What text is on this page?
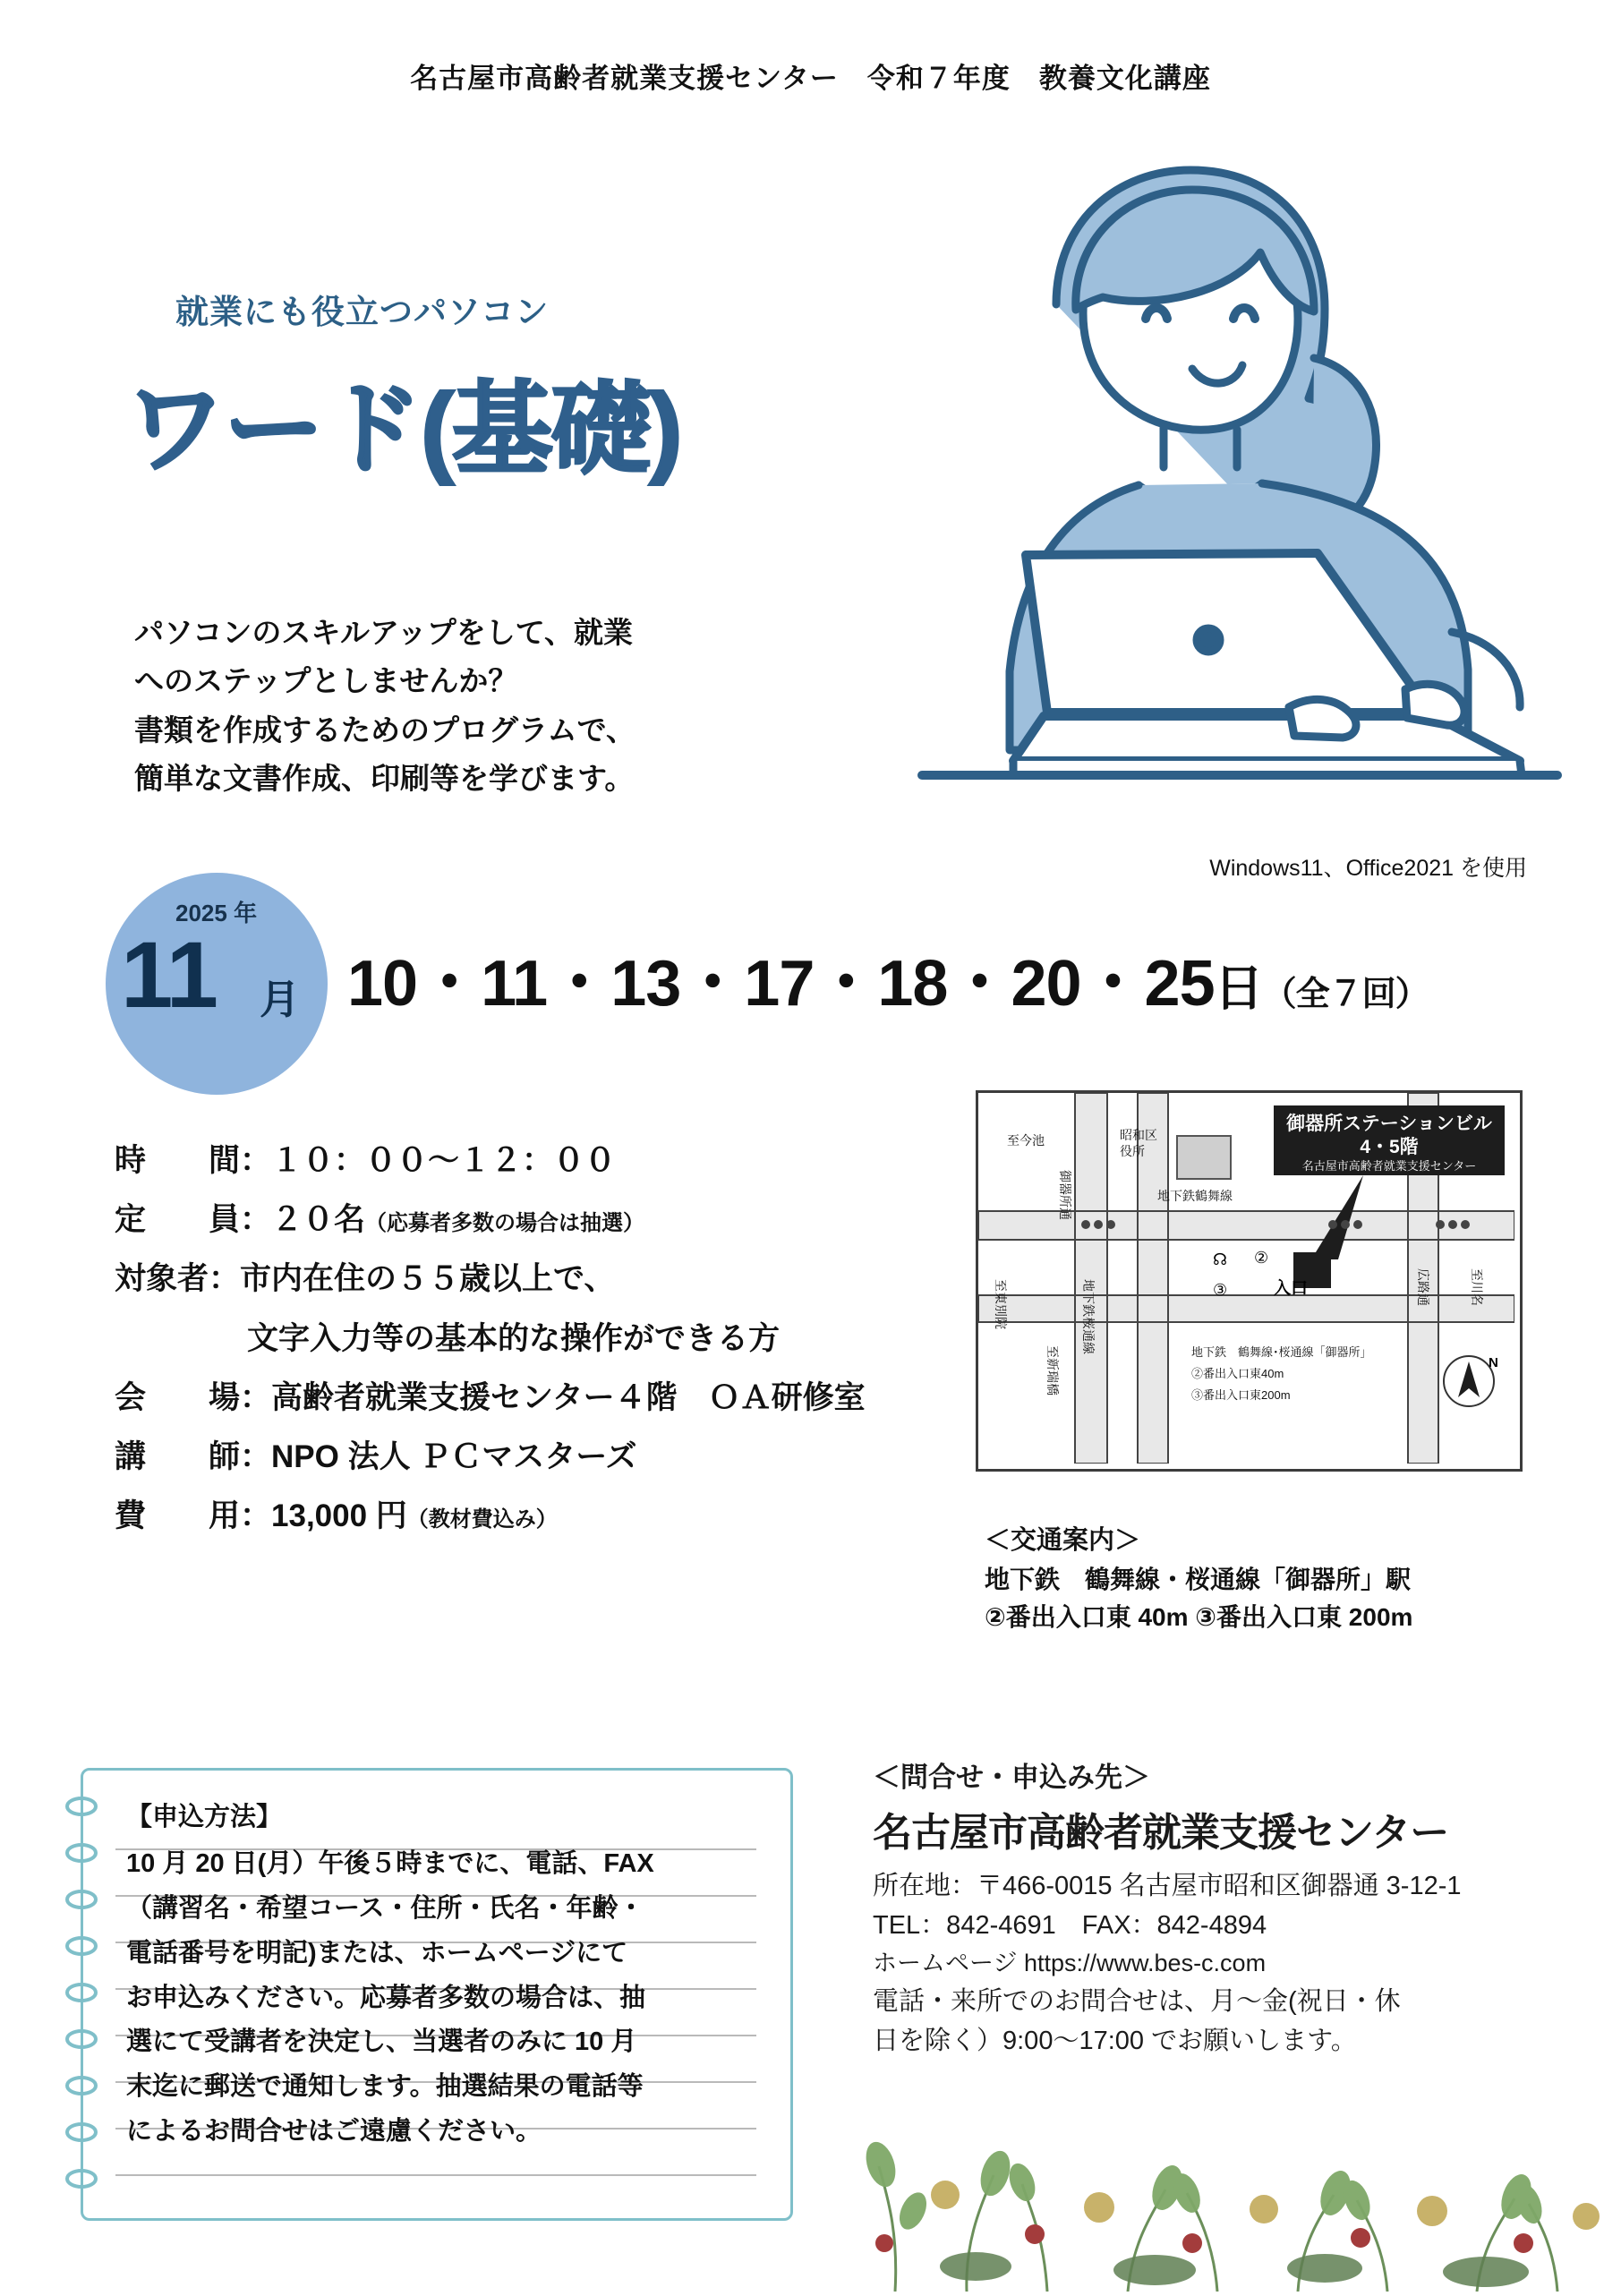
名古屋市高齢者就業支援センター　令和７年度　教養文化講座
就業にも役立つパソコン
ワード(基礎)
パソコンのスキルアップをして、就業
へのステップとしませんか？
書類を作成するためのプログラムで、
簡単な文書作成、印刷等を学びます。
Windows11、Office2021 を使用
2025 年
11 月 10・11・13・17・18・20・25日（全７回）
時　　間：１０：００〜１２：００
定　　員：２０名（応募者多数の場合は抽選）
対象者：市内在住の５５歳以上で、
文字入力等の基本的な操作ができる方
会　　場：高齢者就業支援センター４階　ＯＡ研修室
講　　師：NPO 法人 ＰＣマスターズ
費　　用：13,000 円（教材費込み）
御器所ステーションビル
4・5階
名古屋市高齢者就業支援センター
☊ ②
③	入口
至今池	昭和区
役所
御器所通	地下鉄鶴舞線
至東別院	地下鉄桜通線
至新瑞橋
広路通	至川名
地下鉄　鶴舞線･桜通線「御器所」
②番出入口東40m
③番出入口東200m
N
＜交通案内＞
地下鉄　鶴舞線・桜通線「御器所」駅
②番出入口東 40m ③番出入口東 200m
【申込方法】
10 月 20 日(月）午後５時までに、電話、FAX
（講習名・希望コース・住所・氏名・年齢・
電話番号を明記)または、ホームページにて
お申込みください。応募者多数の場合は、抽
選にて受講者を決定し、当選者のみに 10 月
末迄に郵送で通知します。抽選結果の電話等
によるお問合せはご遠慮ください。
＜問合せ・申込み先＞
名古屋市高齢者就業支援センター
所在地：〒466-0015 名古屋市昭和区御器通 3-12-1
TEL：842-4691　FAX：842-4894
ホームページ https://www.bes-c.com
電話・来所でのお問合せは、月〜金(祝日・休
日を除く）9:00〜17:00 でお願いします。
